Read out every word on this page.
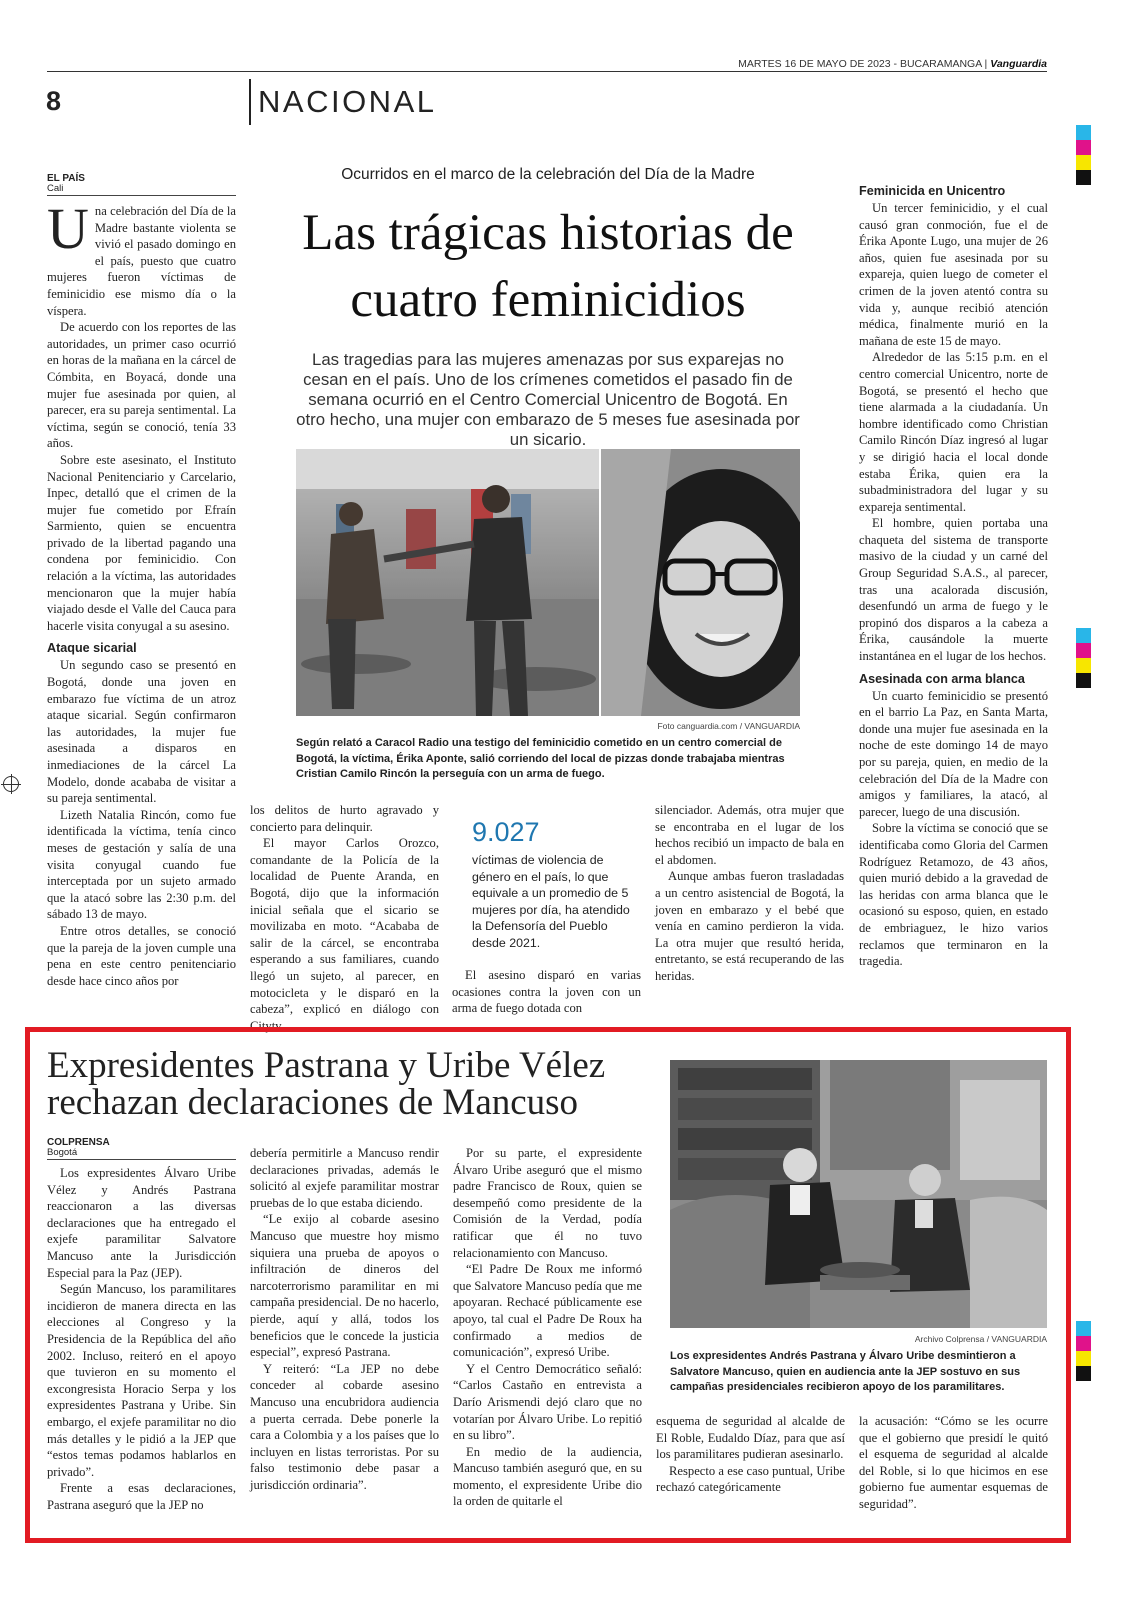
MARTES 16 DE MAYO DE 2023 - BUCARAMANGA | Vanguardia
8	NACIONAL
EL PAÍS
Cali
U na celebración del Día de la Madre bastante violenta se vivió el pasado domingo en el país, puesto que cuatro mujeres fueron víctimas de feminicidio ese mismo día o la víspera.

De acuerdo con los reportes de las autoridades, un primer caso ocurrió en horas de la mañana en la cárcel de Cómbita, en Boyacá, donde una mujer fue asesinada por quien, al parecer, era su pareja sentimental. La víctima, según se conoció, tenía 33 años.

Sobre este asesinato, el Instituto Nacional Penitenciario y Carcelario, Inpec, detalló que el crimen de la mujer fue cometido por Efraín Sarmiento, quien se encuentra privado de la libertad pagando una condena por feminicidio. Con relación a la víctima, las autoridades mencionaron que la mujer había viajado desde el Valle del Cauca para hacerle visita conyugal a su asesino.

Ataque sicarial

Un segundo caso se presentó en Bogotá, donde una joven en embarazo fue víctima de un atroz ataque sicarial. Según confirmaron las autoridades, la mujer fue asesinada a disparos en inmediaciones de la cárcel La Modelo, donde acababa de visitar a su pareja sentimental.

Lizeth Natalia Rincón, como fue identificada la víctima, tenía cinco meses de gestación y salía de una visita conyugal cuando fue interceptada por un sujeto armado que la atacó sobre las 2:30 p.m. del sábado 13 de mayo.

Entre otros detalles, se conoció que la pareja de la joven cumple una pena en este centro penitenciario desde hace cinco años por

Ocurridos en el marco de la celebración del Día de la Madre
Las trágicas historias de
cuatro feminicidios
Las tragedias para las mujeres amenazas por sus exparejas no cesan en el país. Uno de los crímenes cometidos el pasado fin de semana ocurrió en el Centro Comercial Unicentro de Bogotá. En otro hecho, una mujer con embarazo de 5 meses fue asesinada por un sicario.
Foto canguardia.com / VANGUARDIA
Según relató a Caracol Radio una testigo del feminicidio cometido en un centro comercial de Bogotá, la víctima, Érika Aponte, salió corriendo del local de pizzas donde trabajaba mientras Cristian Camilo Rincón la perseguía con un arma de fuego.

los delitos de hurto agravado y concierto para delinquir.

El mayor Carlos Orozco, comandante de la Policía de la localidad de Puente Aranda, en Bogotá, dijo que la información inicial señala que el sicario se movilizaba en moto. “Acababa de salir de la cárcel, se encontraba esperando a sus familiares, cuando llegó un sujeto, al parecer, en motocicleta y le disparó en la cabeza”, explicó en diálogo con Citytv.

9.027
víctimas de violencia de género en el país, lo que equivale a un promedio de 5 mujeres por día, ha atendido la Defensoría del Pueblo desde 2021.

El asesino disparó en varias ocasiones contra la joven con un arma de fuego dotada con

silenciador. Además, otra mujer que se encontraba en el lugar de los hechos recibió un impacto de bala en el abdomen.

Aunque ambas fueron trasladadas a un centro asistencial de Bogotá, la joven en embarazo y el bebé que venía en camino perdieron la vida. La otra mujer que resultó herida, entretanto, se está recuperando de las heridas.

Feminicida en Unicentro

Un tercer feminicidio, y el cual causó gran conmoción, fue el de Érika Aponte Lugo, una mujer de 26 años, quien fue asesinada por su expareja, quien luego de cometer el crimen de la joven atentó contra su vida y, aunque recibió atención médica, finalmente murió en la mañana de este 15 de mayo.

Alrededor de las 5:15 p.m. en el centro comercial Unicentro, norte de Bogotá, se presentó el hecho que tiene alarmada a la ciudadanía. Un hombre identificado como Christian Camilo Rincón Díaz ingresó al lugar y se dirigió hacia el local donde estaba Érika, quien era la subadministradora del lugar y su expareja sentimental.

El hombre, quien portaba una chaqueta del sistema de transporte masivo de la ciudad y un carné del Group Seguridad S.A.S., al parecer, tras una acalorada discusión, desenfundó un arma de fuego y le propinó dos disparos a la cabeza a Érika, causándole la muerte instantánea en el lugar de los hechos.

Asesinada con arma blanca

Un cuarto feminicidio se presentó en el barrio La Paz, en Santa Marta, donde una mujer fue asesinada en la noche de este domingo 14 de mayo por su pareja, quien, en medio de la celebración del Día de la Madre con amigos y familiares, la atacó, al parecer, luego de una discusión.

Sobre la víctima se conoció que se identificaba como Gloria del Carmen Rodríguez Retamozo, de 43 años, quien murió debido a la gravedad de las heridas con arma blanca que le ocasionó su esposo, quien, en estado de embriaguez, le hizo varios reclamos que terminaron en la tragedia.

Expresidentes Pastrana y Uribe Vélez
rechazan declaraciones de Mancuso
COLPRENSA
Bogotá

Los expresidentes Álvaro Uribe Vélez y Andrés Pastrana reaccionaron a las diversas declaraciones que ha entregado el exjefe paramilitar Salvatore Mancuso ante la Jurisdicción Especial para la Paz (JEP).

Según Mancuso, los paramilitares incidieron de manera directa en las elecciones al Congreso y la Presidencia de la República del año 2002. Incluso, reiteró en el apoyo que tuvieron en su momento el excongresista Horacio Serpa y los expresidentes Pastrana y Uribe. Sin embargo, el exjefe paramilitar no dio más detalles y le pidió a la JEP que “estos temas podamos hablarlos en privado”.

Frente a esas declaraciones, Pastrana aseguró que la JEP no

debería permitirle a Mancuso rendir declaraciones privadas, además le solicitó al exjefe paramilitar mostrar pruebas de lo que estaba diciendo.

“Le exijo al cobarde asesino Mancuso que muestre hoy mismo siquiera una prueba de apoyos o infiltración de dineros del narcoterrorismo paramilitar en mi campaña presidencial. De no hacerlo, pierde, aquí y allá, todos los beneficios que le concede la justicia especial”, expresó Pastrana.

Y reiteró: “La JEP no debe conceder al cobarde asesino Mancuso una encubridora audiencia a puerta cerrada. Debe ponerle la cara a Colombia y a los países que lo incluyen en listas terroristas. Por su falso testimonio debe pasar a jurisdicción ordinaria”.

Por su parte, el expresidente Álvaro Uribe aseguró que el mismo padre Francisco de Roux, quien se desempeñó como presidente de la Comisión de la Verdad, podía ratificar que él no tuvo relacionamiento con Mancuso.

“El Padre De Roux me informó que Salvatore Mancuso pedía que me apoyaran. Rechacé públicamente ese apoyo, tal cual el Padre De Roux ha confirmado a medios de comunicación”, expresó Uribe.

Y el Centro Democrático señaló: “Carlos Castaño en entrevista a Darío Arismendi dejó claro que no votarían por Álvaro Uribe. Lo repitió en su libro”.

En medio de la audiencia, Mancuso también aseguró que, en su momento, el expresidente Uribe dio la orden de quitarle el

Archivo Colprensa / VANGUARDIA
Los expresidentes Andrés Pastrana y Álvaro Uribe desmintieron a Salvatore Mancuso, quien en audiencia ante la JEP sostuvo en sus campañas presidenciales recibieron apoyo de los paramilitares.

esquema de seguridad al alcalde de El Roble, Eudaldo Díaz, para que así los paramilitares pudieran asesinarlo.

Respecto a ese caso puntual, Uribe rechazó categóricamente

la acusación: “Cómo se les ocurre que el gobierno que presidí le quitó el esquema de seguridad al alcalde del Roble, si lo que hicimos en ese gobierno fue aumentar esquemas de seguridad”.
